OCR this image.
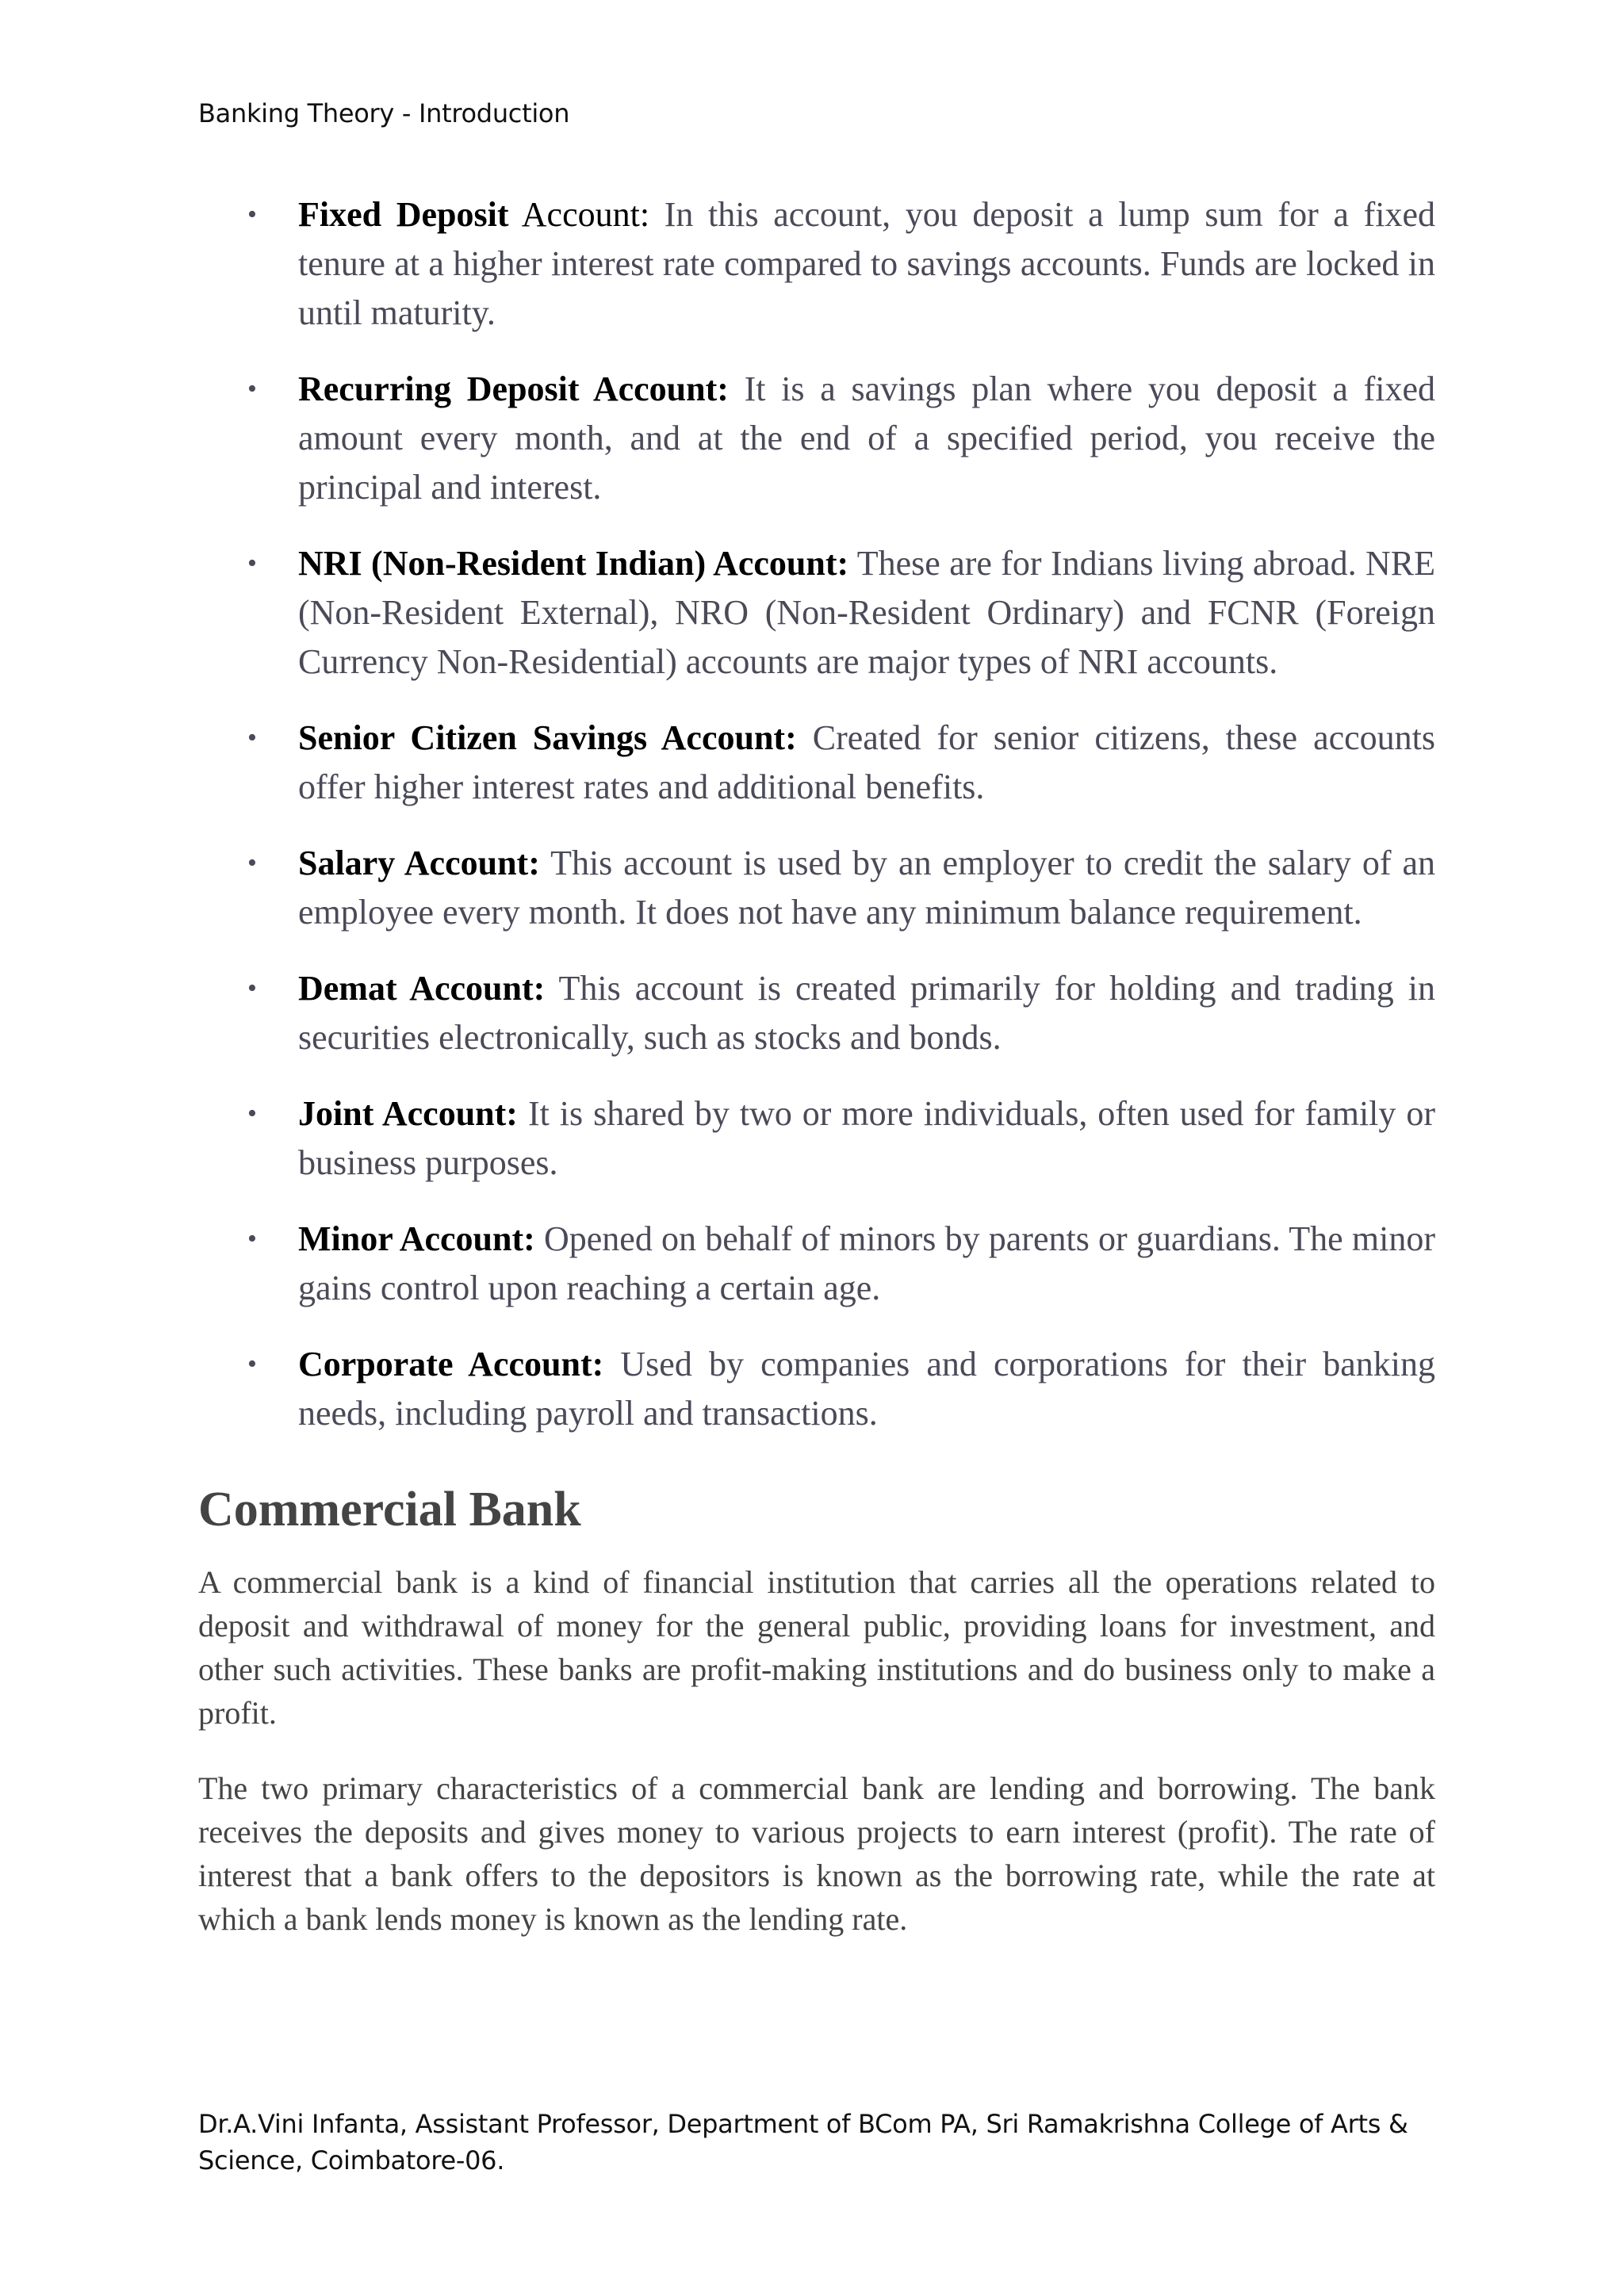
Banking Theory - Introduction
• Fixed Deposit Account: In this account, you deposit a lump sum for a fixed tenure at a higher interest rate compared to savings accounts. Funds are locked in until maturity.
• Recurring Deposit Account: It is a savings plan where you deposit a fixed amount every month, and at the end of a specified period, you receive the principal and interest.
• NRI (Non-Resident Indian) Account: These are for Indians living abroad. NRE (Non-Resident External), NRO (Non-Resident Ordinary) and FCNR (Foreign Currency Non-Residential) accounts are major types of NRI accounts.
• Senior Citizen Savings Account: Created for senior citizens, these accounts offer higher interest rates and additional benefits.
• Salary Account: This account is used by an employer to credit the salary of an employee every month. It does not have any minimum balance requirement.
• Demat Account: This account is created primarily for holding and trading in securities electronically, such as stocks and bonds.
• Joint Account: It is shared by two or more individuals, often used for family or business purposes.
• Minor Account: Opened on behalf of minors by parents or guardians. The minor gains control upon reaching a certain age.
• Corporate Account: Used by companies and corporations for their banking needs, including payroll and transactions.
Commercial Bank

A commercial bank is a kind of financial institution that carries all the operations related to deposit and withdrawal of money for the general public, providing loans for investment, and other such activities. These banks are profit-making institutions and do business only to make a profit.

The two primary characteristics of a commercial bank are lending and borrowing. The bank receives the deposits and gives money to various projects to earn interest (profit). The rate of interest that a bank offers to the depositors is known as the borrowing rate, while the rate at which a bank lends money is known as the lending rate.

Dr.A.Vini Infanta, Assistant Professor, Department of BCom PA, Sri Ramakrishna College of Arts & Science, Coimbatore-06.
